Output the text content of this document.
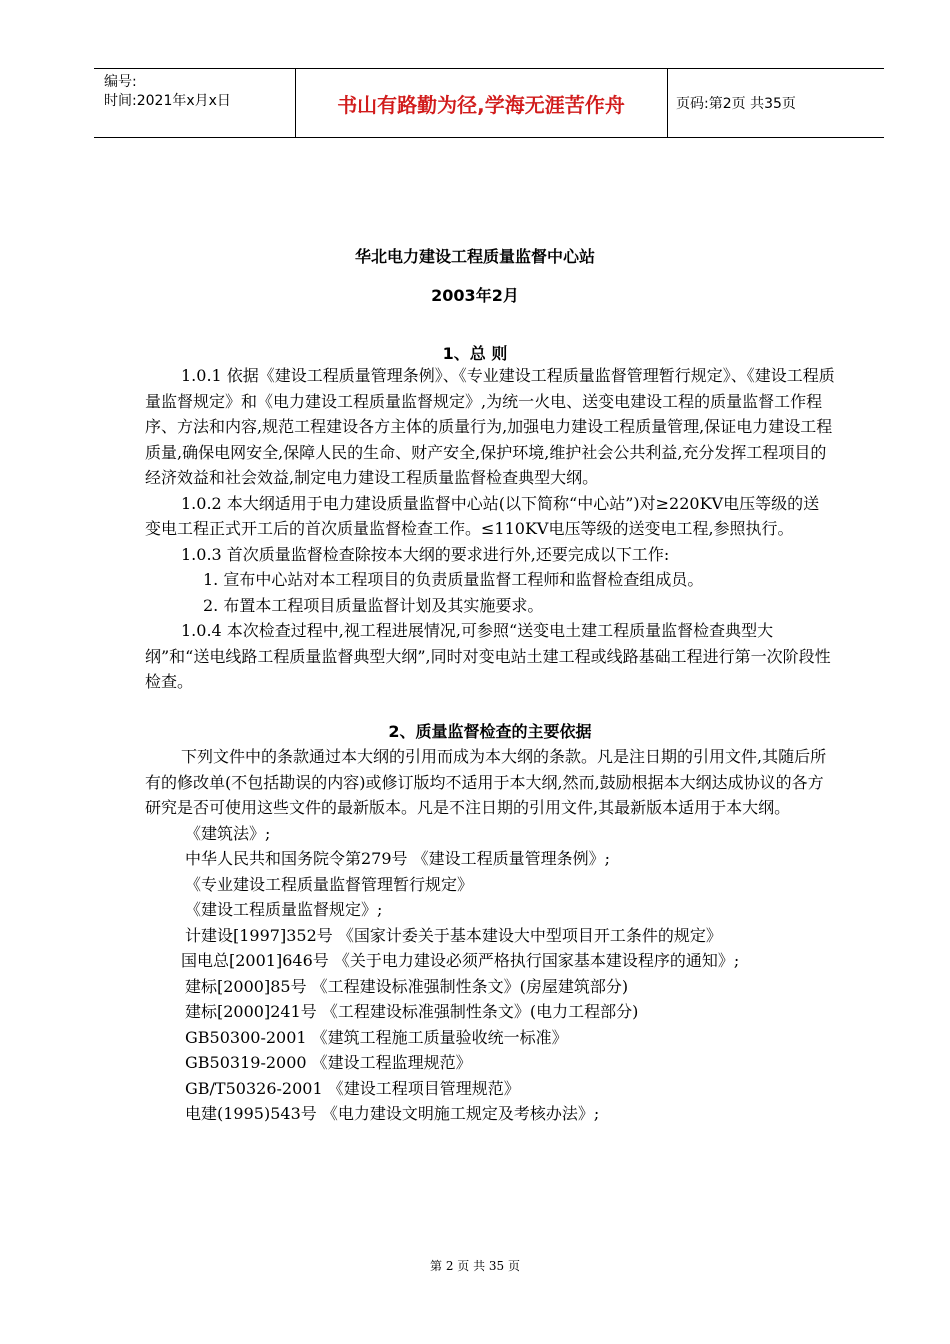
编号:
时间:2021年x月x日	书山有路勤为径,学海无涯苦作舟	页码:第2页 共35页
华北电力建设工程质量监督中心站
2003年2月
1、总 则

1.0.1 依据《建设工程质量管理条例》、《专业建设工程质量监督管理暂行规定》、《建设工程质量监督规定》和《电力建设工程质量监督规定》,为统一火电、送变电建设工程的质量监督工作程序、方法和内容,规范工程建设各方主体的质量行为,加强电力建设工程质量管理,保证电力建设工程质量,确保电网安全,保障人民的生命、财产安全,保护环境,维护社会公共利益,充分发挥工程项目的经济效益和社会效益,制定电力建设工程质量监督检查典型大纲。

1.0.2 本大纲适用于电力建设质量监督中心站(以下简称“中心站”)对≥220KV电压等级的送变电工程正式开工后的首次质量监督检查工作。≤110KV电压等级的送变电工程,参照执行。

1.0.3 首次质量监督检查除按本大纲的要求进行外,还要完成以下工作:

1. 宣布中心站对本工程项目的负责质量监督工程师和监督检查组成员。

2. 布置本工程项目质量监督计划及其实施要求。

1.0.4 本次检查过程中,视工程进展情况,可参照“送变电土建工程质量监督检查典型大纲”和“送电线路工程质量监督典型大纲”,同时对变电站土建工程或线路基础工程进行第一次阶段性检查。

2、质量监督检查的主要依据

下列文件中的条款通过本大纲的引用而成为本大纲的条款。凡是注日期的引用文件,其随后所有的修改单(不包括勘误的内容)或修订版均不适用于本大纲,然而,鼓励根据本大纲达成协议的各方研究是否可使用这些文件的最新版本。凡是不注日期的引用文件,其最新版本适用于本大纲。

《建筑法》;

中华人民共和国务院令第279号 《建设工程质量管理条例》;

《专业建设工程质量监督管理暂行规定》

《建设工程质量监督规定》;

计建设[1997]352号 《国家计委关于基本建设大中型项目开工条件的规定》

国电总[2001]646号 《关于电力建设必须严格执行国家基本建设程序的通知》;

建标[2000]85号 《工程建设标准强制性条文》(房屋建筑部分)

建标[2000]241号 《工程建设标准强制性条文》(电力工程部分)

GB50300-2001 《建筑工程施工质量验收统一标准》

GB50319-2000 《建设工程监理规范》

GB/T50326-2001 《建设工程项目管理规范》

电建(1995)543号 《电力建设文明施工规定及考核办法》;

第 2 页 共 35 页
